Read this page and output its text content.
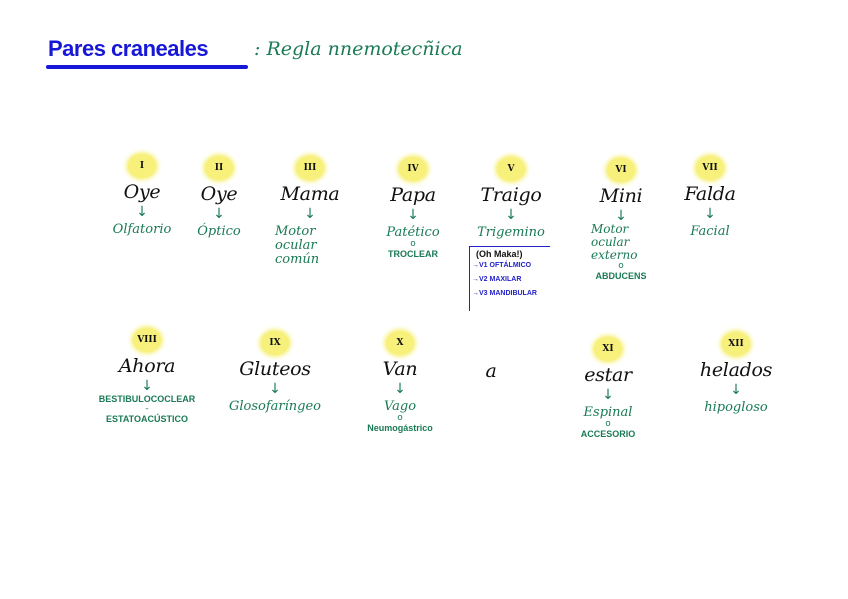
Pares craneales : Regla nnemotecñica
I
Oye
↓
Olfatorio
II
Oye
↓
Óptico
III
Mama
↓
Motor ocular común
IV
Papa
↓
Patético
o
TROCLEAR
V
Traigo
↓
Trigemino
(Oh Maka!)
→V1 OFTÁLMICO
→V2 MAXILAR
→V3 MANDIBULAR
VI
Mini
↓
Motor ocular externo
o
ABDUCENS
VII
Falda
↓
Facial
VIII
Ahora
↓
BESTIBULOCOCLEAR
-
ESTATOACÚSTICO
IX
Gluteos
↓
Glosofaríngeo
X
Van
↓
Vago
o
Neumogástrico
a
XI
estar
↓
Espinal
o
ACCESORIO
XII
helados
↓
hipogloso
